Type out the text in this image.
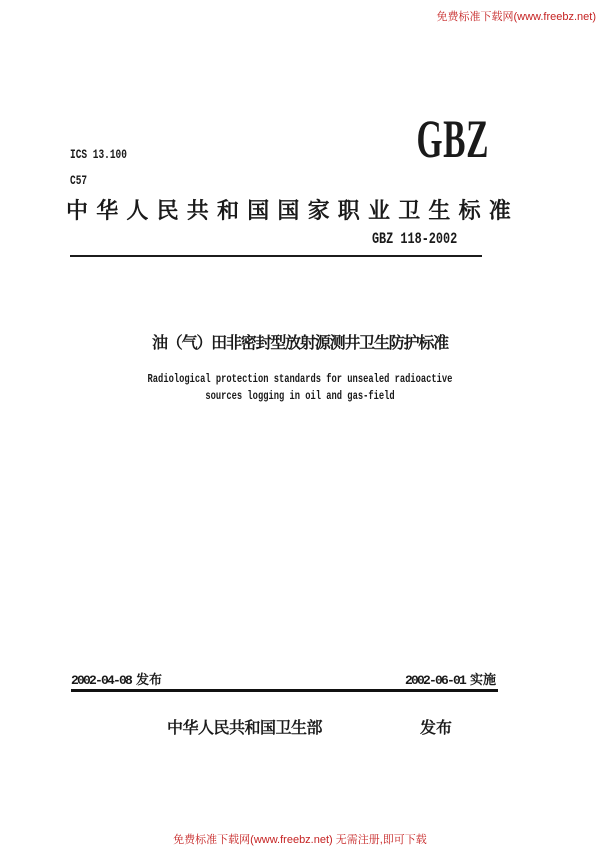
免费标准下载网(www.freebz.net)
ICS 13.100
C57
GBZ
中华人民共和国国家职业卫生标准
GBZ 118-2002
油（气）田非密封型放射源测井卫生防护标准
Radiological protection standards for unsealed radioactive
sources logging in oil and gas-field
2002-04-08 发布	2002-06-01 实施
中华人民共和国卫生部	发布
免费标准下载网(www.freebz.net) 无需注册,即可下载
